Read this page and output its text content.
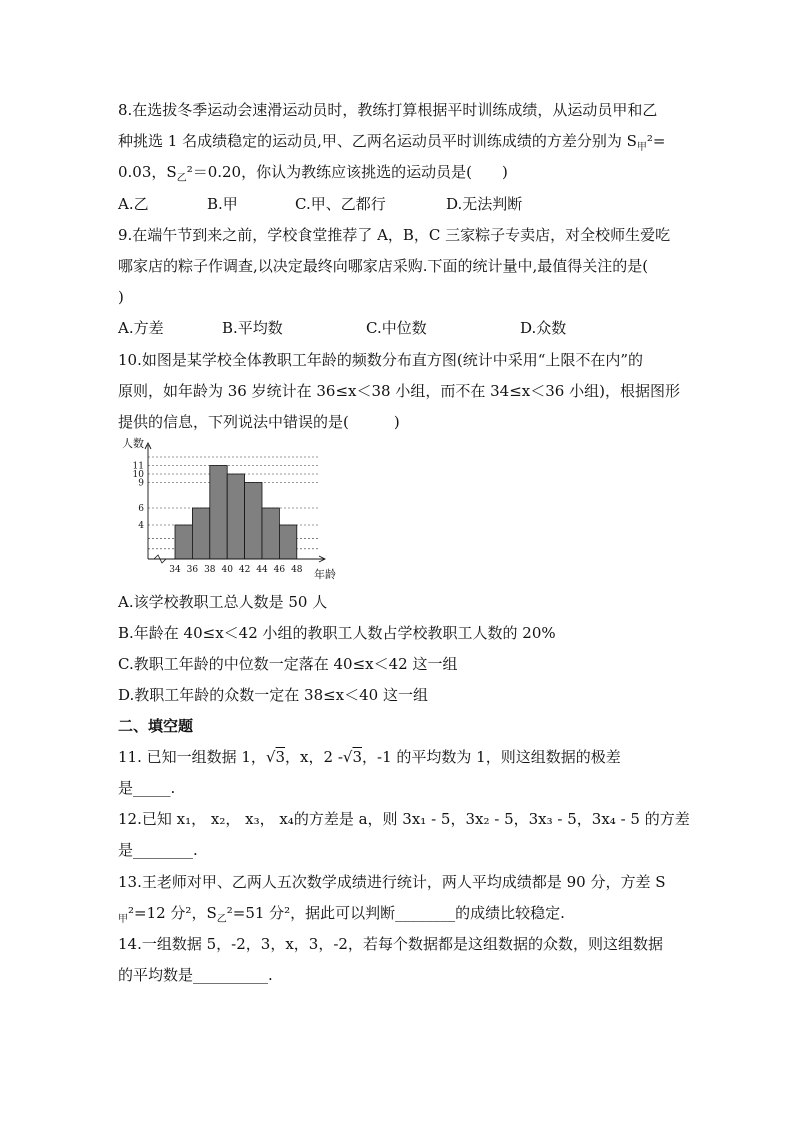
8.在选拔冬季运动会速滑运动员时，教练打算根据平时训练成绩，从运动员甲和乙
种挑选 1 名成绩稳定的运动员,甲、乙两名运动员平时训练成绩的方差分别为 $S_甲^2=$
0.03，$S_乙^2=0.20$，你认为教练应该挑选的运动员是(　　)
A.乙	B.甲	C.甲、乙都行	D.无法判断
9.在端午节到来之前，学校食堂推荐了 A，B，C 三家粽子专卖店，对全校师生爱吃
哪家店的粽子作调查,以决定最终向哪家店采购.下面的统计量中,最值得关注的是(
)
A.方差	B.平均数	C.中位数	D.众数
10.如图是某学校全体教职工年龄的频数分布直方图(统计中采用“上限不在内”的
原则，如年龄为 36 岁统计在 36≤x＜38 小组，而不在 34≤x＜36 小组)，根据图形
提供的信息，下列说法中错误的是(　　　)
4
6
9
10
11
34 36 38 40 42 44 46 48
人数
年龄
A.该学校教职工总人数是 50 人
B.年龄在 40≤x＜42 小组的教职工人数占学校教职工人数的 20%
C.教职工年龄的中位数一定落在 40≤x＜42 这一组
D.教职工年龄的众数一定在 38≤x＜40 这一组
二、填空题
11. 已知一组数据 1，√3，x，2 -√3，-1 的平均数为 1，则这组数据的极差
是_____.
12.已知 x₁， x₂， x₃， x₄的方差是 a，则 3x₁ - 5，3x₂ - 5，3x₃ - 5，3x₄ - 5 的方差
是________.
13.王老师对甲、乙两人五次数学成绩进行统计，两人平均成绩都是 90 分，方差 S
$_甲$²=12 分²，$S_乙^2=51$ 分²，据此可以判断________的成绩比较稳定.
14.一组数据 5，-2，3，x，3，-2，若每个数据都是这组数据的众数，则这组数据
的平均数是__________.
